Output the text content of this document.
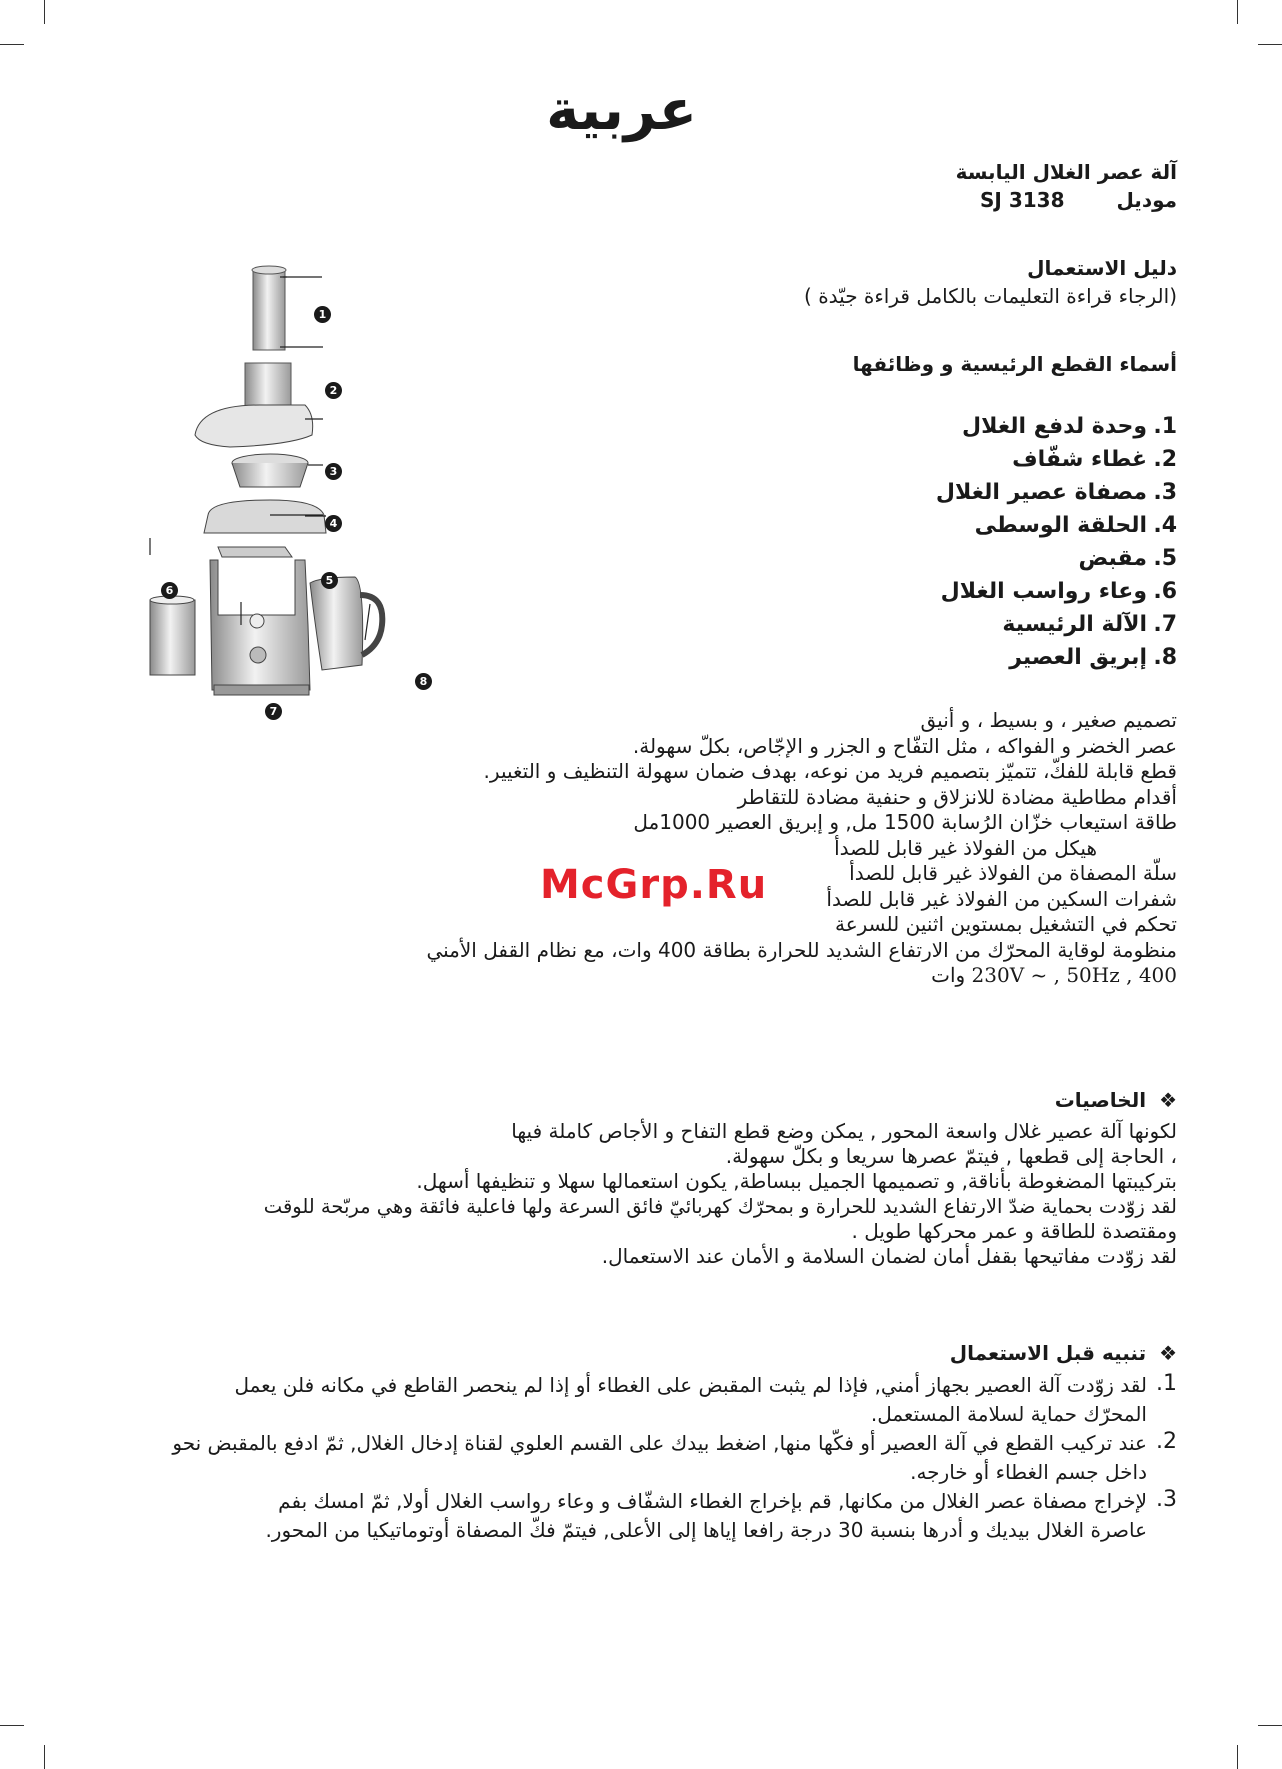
عربية
آلة عصر الغلال اليابسة
موديل  SJ 3138
دليل الاستعمال
(الرجاء قراءة التعليمات بالكامل قراءة جيّدة )
أسماء القطع الرئيسية و وظائفها
1.وحدة لدفع الغلال
2.غطاء شفّاف
3.مصفاة عصير الغلال
4.الحلقة الوسطى
5.مقبض
6.وعاء رواسب الغلال
7.الآلة الرئيسية
8.إبريق العصير
1
2
3
4
5
6
7
8
تصميم صغير ، و بسيط ، و أنيق
عصر الخضر و الفواكه ، مثل التفّاح و الجزر و الإجّاص، بكلّ سهولة.
قطع قابلة للفكّ، تتميّز بتصميم فريد من نوعه، بهدف ضمان سهولة التنظيف و التغيير.
أقدام مطاطية مضادة للانزلاق و حنفية مضادة للتقاطر
طاقة استيعاب خزّان الرُسابة 1500 مل, و إبريق العصير 1000مل
هيكل من الفولاذ غير قابل للصدأ
سلّة المصفاة من الفولاذ غير قابل للصدأ
شفرات السكين من الفولاذ غير قابل للصدأ
تحكم في التشغيل بمستوين اثنين للسرعة
منظومة لوقاية المحرّك من الارتفاع الشديد للحرارة بطاقة 400 وات، مع نظام القفل الأمني
230V ~ , 50Hz , 400 وات
McGrp.Ru
❖ الخاصيات
لكونها آلة عصير غلال واسعة المحور , يمكن وضع قطع التفاح و الأجاص كاملة فيها
، الحاجة إلى قطعها , فيتمّ عصرها سريعا و بكلّ سهولة.
بتركيبتها المضغوطة بأناقة, و تصميمها الجميل ببساطة, يكون استعمالها سهلا و تنظيفها أسهل.
لقد زوّدت بحماية ضدّ الارتفاع الشديد للحرارة و بمحرّك كهربائيّ فائق السرعة ولها فاعلية فائقة وهي مربّحة للوقت
ومقتصدة للطاقة و عمر محركها طويل .
لقد زوّدت مفاتيحها بقفل أمان لضمان السلامة و الأمان عند الاستعمال.
❖ تنبيه قبل الاستعمال
1.
لقد زوّدت آلة العصير بجهاز أمني, فإذا لم يثبت المقبض على الغطاء أو إذا لم ينحصر القاطع في مكانه فلن يعمل المحرّك حماية لسلامة المستعمل.
2.
عند تركيب القطع في آلة العصير أو فكّها منها, اضغط بيدك على القسم العلوي لقناة إدخال الغلال, ثمّ ادفع بالمقبض نحو داخل جسم الغطاء أو خارجه.
3.
لإخراج مصفاة عصر الغلال من مكانها, قم بإخراج الغطاء الشفّاف و وعاء رواسب الغلال أولا, ثمّ امسك بفم عاصرة الغلال بيديك و أدرها بنسبة 30 درجة رافعا إياها إلى الأعلى, فيتمّ فكّ المصفاة أوتوماتيكيا من المحور.
